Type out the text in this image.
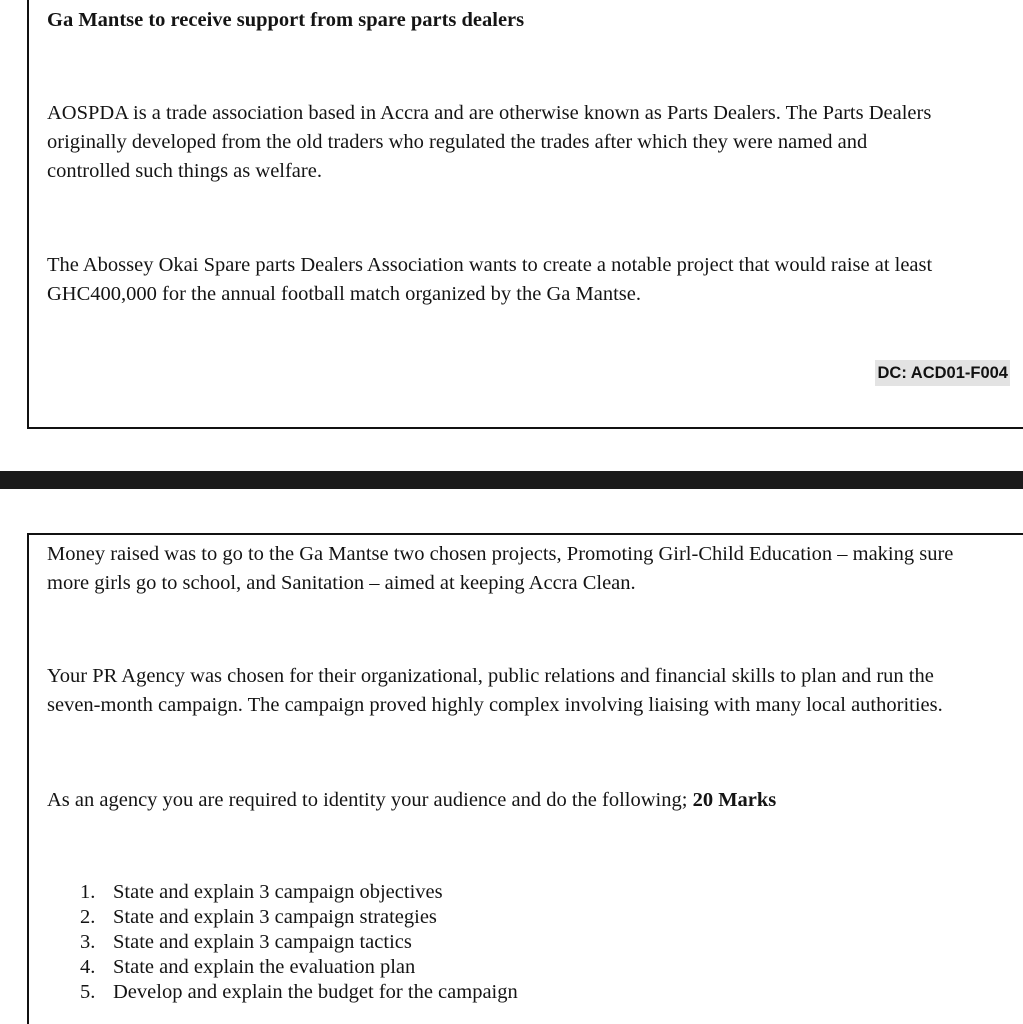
Ga Mantse to receive support from spare parts dealers

AOSPDA is a trade association based in Accra and are otherwise known as Parts Dealers. The Parts Dealers

originally developed from the old traders who regulated the trades after which they were named and

controlled such things as welfare.

The Abossey Okai Spare parts Dealers Association wants to create a notable project that would raise at least

GHC400,000 for the annual football match organized by the Ga Mantse.

DC: ACD01-F004

Money raised was to go to the Ga Mantse two chosen projects, Promoting Girl-Child Education – making sure

more girls go to school, and Sanitation – aimed at keeping Accra Clean.

Your PR Agency was chosen for their organizational, public relations and financial skills to plan and run the

seven-month campaign. The campaign proved highly complex involving liaising with many local authorities.

As an agency you are required to identity your audience and do the following; 20 Marks

1. State and explain 3 campaign objectives
2. State and explain 3 campaign strategies
3. State and explain 3 campaign tactics
4. State and explain the evaluation plan
5. Develop and explain the budget for the campaign
